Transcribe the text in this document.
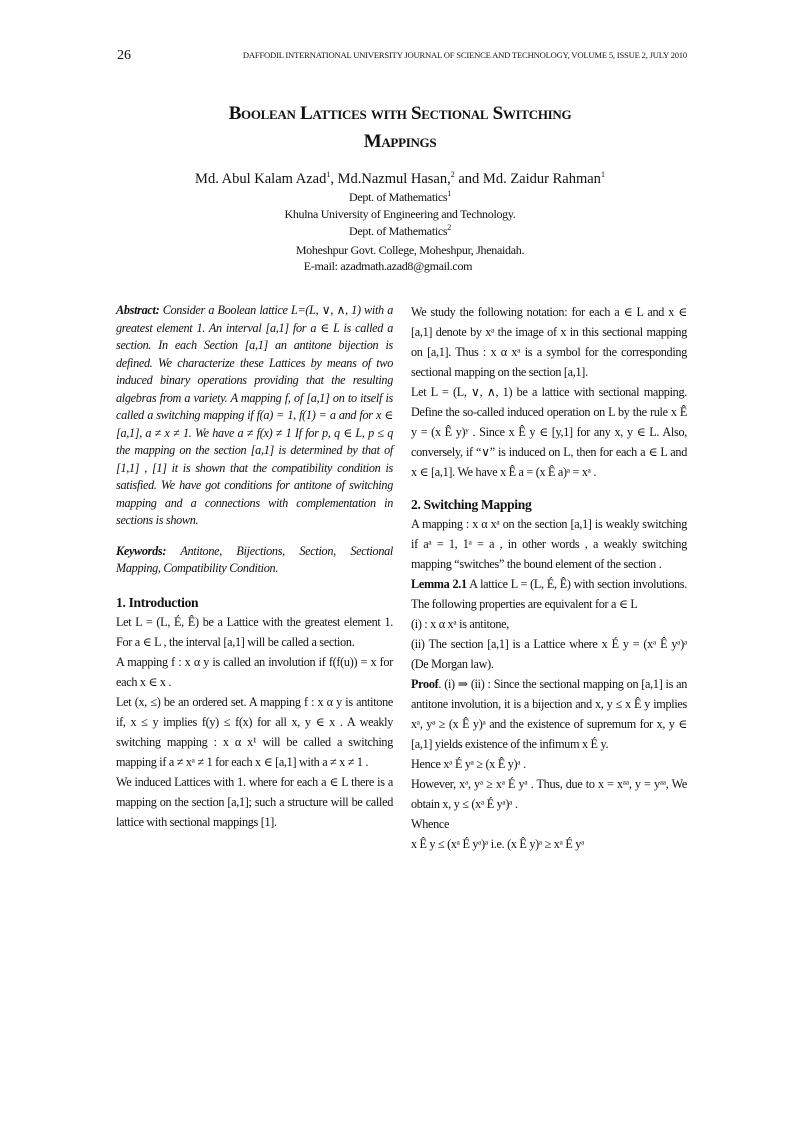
26	DAFFODIL INTERNATIONAL UNIVERSITY JOURNAL OF SCIENCE AND TECHNOLOGY, VOLUME 5, ISSUE 2, JULY 2010
Boolean Lattices with Sectional Switching
Mappings
Md. Abul Kalam Azad$^1$, Md.Nazmul Hasan,$^2$ and Md. Zaidur Rahman$^1$
Dept. of Mathematics$^1$
Khulna University of Engineering and Technology.
Dept. of Mathematics$^2$
Moheshpur Govt. College, Moheshpur, Jhenaidah.
E-mail: azadmath.azad8@gmail.com

Abstract: Consider a Boolean lattice L=(L, ∨, ∧, 1) with a greatest element 1. An interval [a,1] for a ∈ L is called a section. In each Section [a,1] an antitone bijection is defined. We characterize these Lattices by means of two induced binary operations providing that the resulting algebras from a variety. A mapping f, of [a,1] on to itself is called a switching mapping if f(a) = 1, f(1) = a and for x ∈ [a,1], a ≠ x ≠ 1. We have a ≠ f(x) ≠ 1 If for p, q ∈ L, p ≤ q the mapping on the section [a,1] is determined by that of [1,1] , [1] it is shown that the compatibility condition is satisfied. We have got conditions for antitone of switching mapping and a connections with complementation in sections is shown.

Keywords: Antitone, Bijections, Section, Sectional Mapping, Compatibility Condition.

1. Introduction

Let L = (L, É, Ê) be a Lattice with the greatest element 1. For a ∈ L , the interval [a,1] will be called a section.

A mapping f : x α y is called an involution if f(f(u)) = x for each x ∈ x .

Let (x, ≤) be an ordered set. A mapping f : x α y is antitone if, x ≤ y implies f(y) ≤ f(x) for all x, y ∈ x . A weakly switching mapping : x α x¹ will be called a switching mapping if a ≠ xᵃ ≠ 1 for each x ∈ [a,1] with a ≠ x ≠ 1 .

We induced Lattices with 1. where for each a ∈ L there is a mapping on the section [a,1]; such a structure will be called lattice with sectional mappings [1].

We study the following notation: for each a ∈ L and x ∈ [a,1] denote by xᵃ the image of x in this sectional mapping on [a,1]. Thus : x α xᵃ is a symbol for the corresponding sectional mapping on the section [a,1].

Let L = (L, ∨, ∧, 1) be a lattice with sectional mapping. Define the so-called induced operation on L by the rule x Ê y = (x Ê y)ʸ . Since x Ê y ∈ [y,1] for any x, y ∈ L. Also, conversely, if “∨” is induced on L, then for each a ∈ L and x ∈ [a,1]. We have x Ê a = (x Ê a)ᵃ = xᵃ .

2. Switching Mapping

A mapping : x α xᵃ on the section [a,1] is weakly switching if aᵃ = 1, 1ᵃ = a , in other words , a weakly switching mapping “switches” the bound element of the section .

Lemma 2.1 A lattice L = (L, É, Ê) with section involutions. The following properties are equivalent for a ∈ L

(i) : x α xᵃ is antitone,

(ii) The section [a,1] is a Lattice where x É y = (xᵃ Ê yᵃ)ᵃ (De Morgan law).

Proof. (i) ⇒ (ii) : Since the sectional mapping on [a,1] is an antitone involution, it is a bijection and x, y ≤ x Ê y implies xᵃ, yᵃ ≥ (x Ê y)ᵃ and the existence of supremum for x, y ∈ [a,1] yields existence of the infimum x É y.

Hence xᵃ É yᵃ ≥ (x Ê y)ᵃ .

However, xᵃ, yᵃ ≥ xᵃ É yᵃ . Thus, due to x = xᵃᵃ, y = yᵃᵃ, We obtain x, y ≤ (xᵃ É yᵃ)ᵃ .

Whence

x Ê y ≤ (xᵃ É yᵃ)ᵃ i.e. (x Ê y)ᵃ ≥ xᵃ É yᵃ
